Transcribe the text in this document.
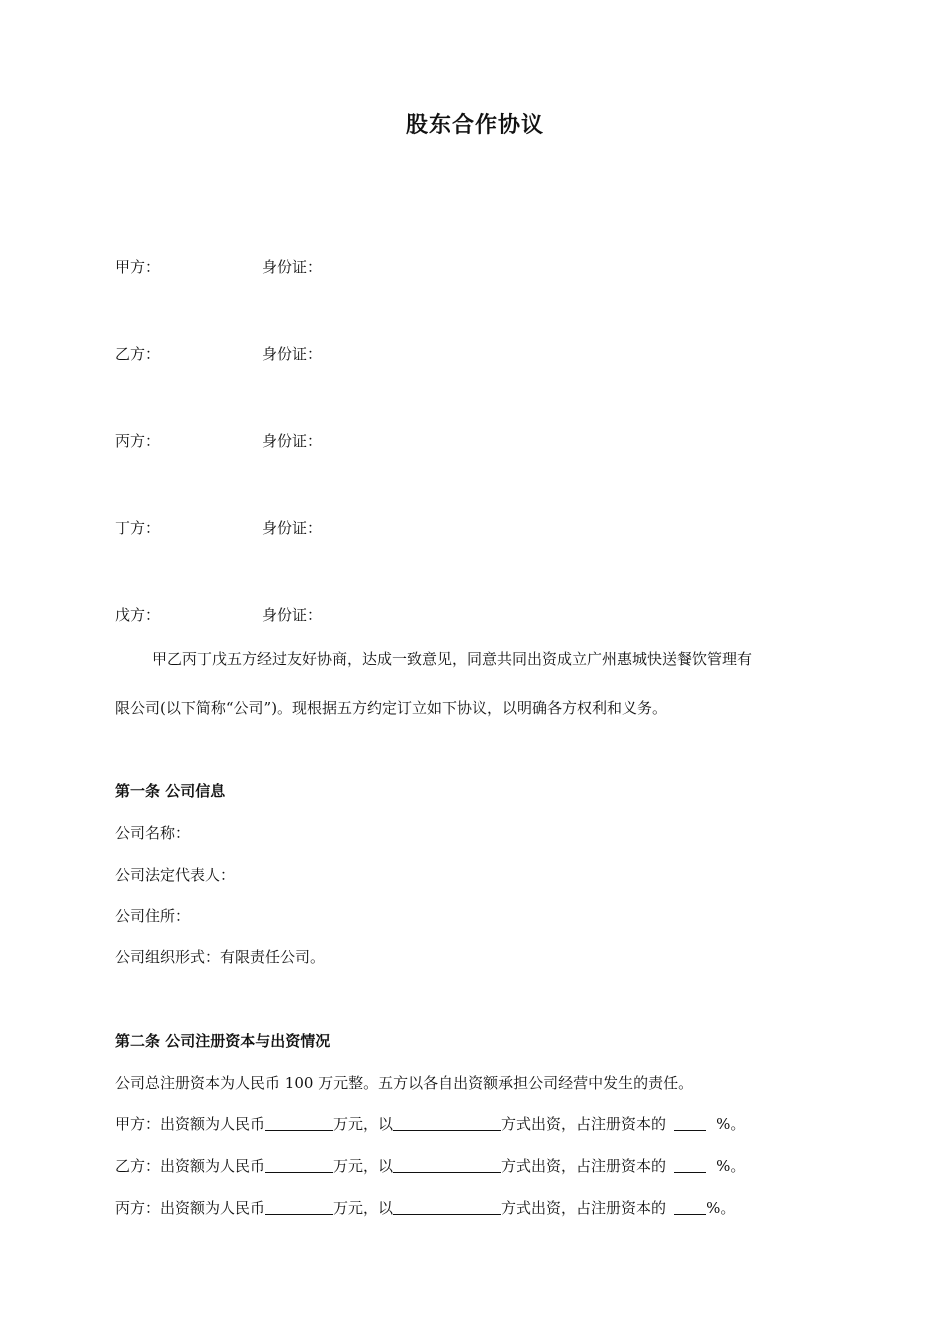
股东合作协议
甲方：	身份证：
乙方：	身份证：
丙方：	身份证：
丁方：	身份证：
戊方：	身份证：
甲乙丙丁戊五方经过友好协商，达成一致意见，同意共同出资成立广州惠城快送餐饮管理有
限公司(以下简称“公司”)。现根据五方约定订立如下协议，以明确各方权利和义务。
第一条 公司信息
公司名称：
公司法定代表人：
公司住所：
公司组织形式：有限责任公司。
第二条 公司注册资本与出资情况
公司总注册资本为人民币 100 万元整。五方以各自出资额承担公司经营中发生的责任。
甲方：出资额为人民币	万元，以	方式出资，占注册资本的	%。
乙方：出资额为人民币	万元，以	方式出资，占注册资本的	%。
丙方：出资额为人民币	万元，以	方式出资，占注册资本的	%。
